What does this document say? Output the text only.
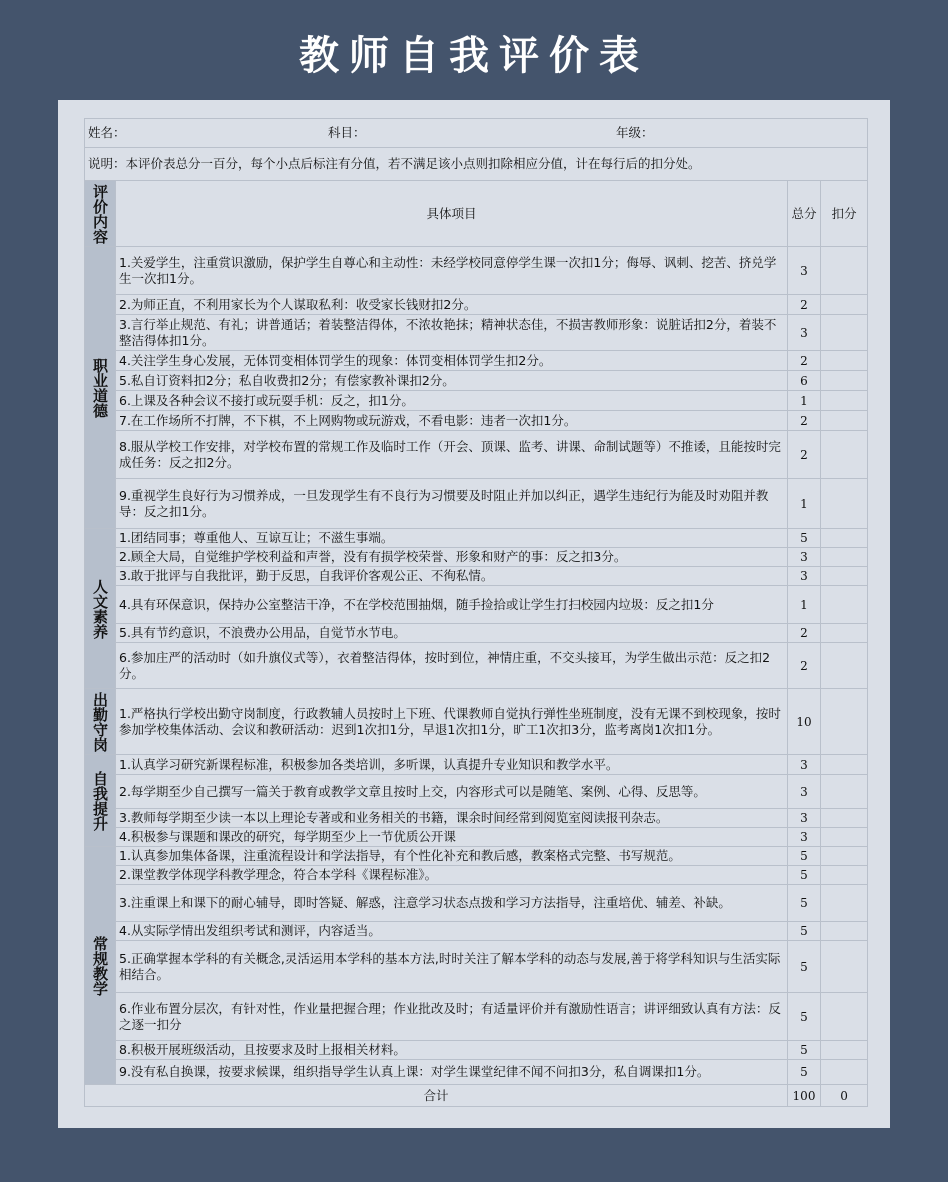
教师自我评价表
姓名： 科目： 年级：			
说明：本评价表总分一百分，每个小点后标注有分值，若不满足该小点则扣除相应分值，计在每行后的扣分处。			

评价内容	具体项目	总分	扣分

职业道德	1.关爱学生，注重赏识激励，保护学生自尊心和主动性：未经学校同意停学生课一次扣1分；侮辱、讽刺、挖苦、挤兑学生一次扣1分。	3	
	2.为师正直，不利用家长为个人谋取私利：收受家长钱财扣2分。	2	
	3.言行举止规范、有礼；讲普通话；着装整洁得体，不浓妆艳抹；精神状态佳，不损害教师形象：说脏话扣2分，着装不整洁得体扣1分。	3	
	4.关注学生身心发展，无体罚变相体罚学生的现象：体罚变相体罚学生扣2分。	2	
	5.私自订资料扣2分；私自收费扣2分；有偿家教补课扣2分。	6	
	6.上课及各种会议不接打或玩耍手机：反之，扣1分。	1	
	7.在工作场所不打牌，不下棋，不上网购物或玩游戏，不看电影：违者一次扣1分。	2	
	8.服从学校工作安排，对学校布置的常规工作及临时工作（开会、顶课、监考、讲课、命制试题等）不推诿，且能按时完成任务：反之扣2分。	2	
	9.重视学生良好行为习惯养成，一旦发现学生有不良行为习惯要及时阻止并加以纠正，遇学生违纪行为能及时劝阻并教导：反之扣1分。	1	

人文素养	1.团结同事；尊重他人、互谅互让；不滋生事端。	5	
	2.顾全大局，自觉维护学校利益和声誉，没有有损学校荣誉、形象和财产的事：反之扣3分。	3	
	3.敢于批评与自我批评，勤于反思，自我评价客观公正、不徇私情。	3	
	4.具有环保意识，保持办公室整洁干净，不在学校范围抽烟，随手捡拾或让学生打扫校园内垃圾：反之扣1分	1	
	5.具有节约意识，不浪费办公用品，自觉节水节电。	2	
	6.参加庄严的活动时（如升旗仪式等），衣着整洁得体，按时到位，神情庄重，不交头接耳，为学生做出示范：反之扣2分。	2	

出勤守岗	1.严格执行学校出勤守岗制度，行政教辅人员按时上下班、代课教师自觉执行弹性坐班制度，没有无课不到校现象，按时参加学校集体活动、会议和教研活动：迟到1次扣1分，早退1次扣1分，旷工1次扣3分，监考离岗1次扣1分。	10	

自我提升	1.认真学习研究新课程标准，积极参加各类培训，多听课，认真提升专业知识和教学水平。	3	
	2.每学期至少自己撰写一篇关于教育或教学文章且按时上交，内容形式可以是随笔、案例、心得、反思等。	3	
	3.教师每学期至少读一本以上理论专著或和业务相关的书籍，课余时间经常到阅览室阅读报刊杂志。	3	
	4.积极参与课题和课改的研究，每学期至少上一节优质公开课	3	

常规教学	1.认真参加集体备课，注重流程设计和学法指导，有个性化补充和教后感，教案格式完整、书写规范。	5	
	2.课堂教学体现学科教学理念，符合本学科《课程标准》。	5	
	3.注重课上和课下的耐心辅导，即时答疑、解惑，注意学习状态点拨和学习方法指导，注重培优、辅差、补缺。	5	
	4.从实际学情出发组织考试和测评，内容适当。	5	
	5.正确掌握本学科的有关概念,灵活运用本学科的基本方法,时时关注了解本学科的动态与发展,善于将学科知识与生活实际相结合。	5	
	6.作业布置分层次，有针对性，作业量把握合理；作业批改及时；有适量评价并有激励性语言；讲评细致认真有方法：反之逐一扣分	5	
	8.积极开展班级活动，且按要求及时上报相关材料。	5	
	9.没有私自换课，按要求候课，组织指导学生认真上课：对学生课堂纪律不闻不问扣3分，私自调课扣1分。	5	
合计		100	0
